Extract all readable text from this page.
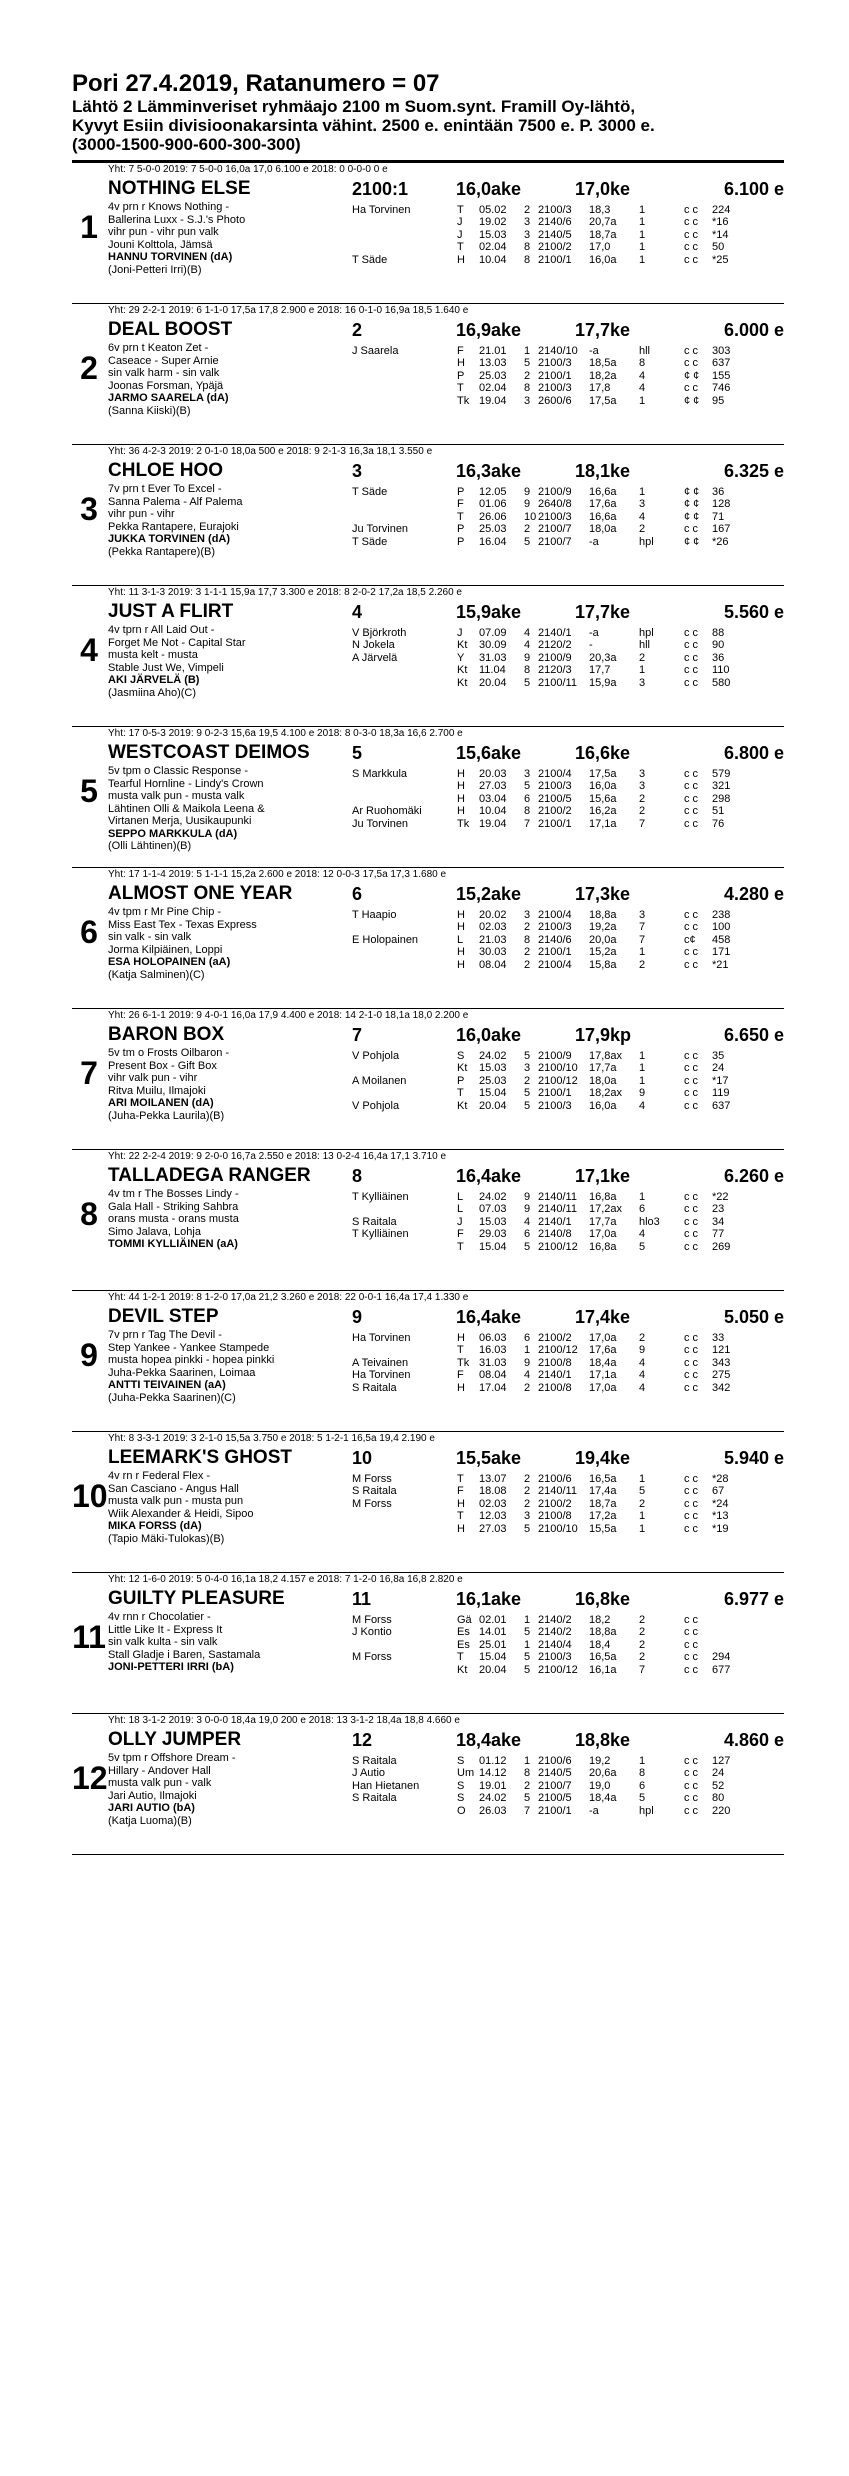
Pori 27.4.2019, Ratanumero = 07
Lähtö 2 Lämminveriset ryhmäajo 2100 m Suom.synt. Framill Oy-lähtö,
Kyvyt Esiin divisioonakarsinta vähint. 2500 e. enintään 7500 e. P. 3000 e.
(3000-1500-900-600-300-300)
Yht: 7 5-0-0 2019: 7 5-0-0 16,0a 17,0 6.100 e 2018: 0 0-0-0 0 e
1
NOTHING ELSE	2100:1	16,0ake	17,0ke	6.100 e
4v prn r Knows Nothing -
Ballerina Luxx - S.J.'s Photo
vihr pun - vihr pun valk
Jouni Kolttola, Jämsä
HANNU TORVINEN (dA)
(Joni-Petteri Irri)(B)
Ha Torvinen	T 05.02 2 2100/3 18,3	1	c c 224
J 19.02 3 2140/6 20,7a 1	c c *16
J 15.03 3 2140/5 18,7a 1	c c *14
T 02.04 8 2100/2 17,0	1	c c 50
T Säde	H 10.04 8 2100/1 16,0a 1	c c *25
Yht: 29 2-2-1 2019: 6 1-1-0 17,5a 17,8 2.900 e 2018: 16 0-1-0 16,9a 18,5 1.640 e
2
DEAL BOOST	2	16,9ake	17,7ke	6.000 e
6v prn t Keaton Zet -
Caseace - Super Arnie
sin valk harm - sin valk
Joonas Forsman, Ypäjä
JARMO SAARELA (dA)
(Sanna Kiiski)(B)
J Saarela	F 21.01 1 2140/10 -a	hll	c c 303
H 13.03 5 2100/3 18,5a 8	c c 637
P 25.03 2 2100/1 18,2a 4	¢ ¢ 155
T 02.04 8 2100/3 17,8	4	c c 746
Tk 19.04 3 2600/6 17,5a 1	¢ ¢ 95
Yht: 36 4-2-3 2019: 2 0-1-0 18,0a 500 e 2018: 9 2-1-3 16,3a 18,1 3.550 e
3
CHLOE HOO	3	16,3ake	18,1ke	6.325 e
7v prn t Ever To Excel -
Sanna Palema - Alf Palema
vihr pun - vihr
Pekka Rantapere, Eurajoki
JUKKA TORVINEN (dA)
(Pekka Rantapere)(B)
T Säde	P 12.05 9 2100/9 16,6a 1	¢ ¢ 36
F 01.06 9 2640/8 17,6a 3	¢ ¢ 128
T 26.06 10 2100/3 16,6a 4	¢ ¢ 71
Ju Torvinen	P 25.03 2 2100/7 18,0a 2	c c 167
T Säde	P 16.04 5 2100/7 -a	hpl	¢ ¢ *26
Yht: 11 3-1-3 2019: 3 1-1-1 15,9a 17,7 3.300 e 2018: 8 2-0-2 17,2a 18,5 2.260 e
4
JUST A FLIRT	4	15,9ake	17,7ke	5.560 e
4v tprn r All Laid Out -
Forget Me Not - Capital Star
musta kelt - musta
Stable Just We, Vimpeli
AKI JÄRVELÄ (B)
(Jasmiina Aho)(C)
V Björkroth	J 07.09 4 2140/1 -a	hpl	c c 88
N Jokela	Kt 30.09 4 2120/2 -	hll	c c 90
A Järvelä	Y 31.03 9 2100/9 20,3a 2	c c 36
Kt 11.04 8 2120/3 17,7	1	c c 110
Kt 20.04 5 2100/11 15,9a 3	c c 580
Yht: 17 0-5-3 2019: 9 0-2-3 15,6a 19,5 4.100 e 2018: 8 0-3-0 18,3a 16,6 2.700 e
5
WESTCOAST DEIMOS 5	15,6ake	16,6ke	6.800 e
5v tpm o Classic Response -
Tearful Hornline - Lindy's Crown
musta valk pun - musta valk
Lähtinen Olli & Maikola Leena &
Virtanen Merja, Uusikaupunki
SEPPO MARKKULA (dA)
(Olli Lähtinen)(B)
S Markkula	H 20.03 3 2100/4 17,5a 3	c c 579
H 27.03 5 2100/3 16,0a 3	c c 321
H 03.04 6 2100/5 15,6a 2	c c 298
Ar Ruohomäki	H 10.04 8 2100/2 16,2a 2	c c 51
Ju Torvinen	Tk 19.04 7 2100/1 17,1a 7	c c 76
Yht: 17 1-1-4 2019: 5 1-1-1 15,2a 2.600 e 2018: 12 0-0-3 17,5a 17,3 1.680 e
6
ALMOST ONE YEAR	6	15,2ake	17,3ke	4.280 e
4v tpm r Mr Pine Chip -
Miss East Tex - Texas Express
sin valk - sin valk
Jorma Kilpiäinen, Loppi
ESA HOLOPAINEN (aA)
(Katja Salminen)(C)
T Haapio	H 20.02 3 2100/4 18,8a 3	c c 238
H 02.03 2 2100/3 19,2a 7	c c 100
E Holopainen	L 21.03 8 2140/6 20,0a 7	c¢ 458
H 30.03 2 2100/1 15,2a 1	c c 171
H 08.04 2 2100/4 15,8a 2	c c *21
Yht: 26 6-1-1 2019: 9 4-0-1 16,0a 17,9 4.400 e 2018: 14 2-1-0 18,1a 18,0 2.200 e
7
BARON BOX	7	16,0ake	17,9kp	6.650 e
5v tm o Frosts Oilbaron -
Present Box - Gift Box
vihr valk pun - vihr
Ritva Muilu, Ilmajoki
ARI MOILANEN (dA)
(Juha-Pekka Laurila)(B)
V Pohjola	S 24.02 5 2100/9 17,8ax 1	c c 35
Kt 15.03 3 2100/10 17,7a 1	c c 24
A Moilanen	P 25.03 2 2100/12 18,0a 1	c c *17
T 15.04 5 2100/1 18,2ax 9	c c 119
V Pohjola	Kt 20.04 5 2100/3 16,0a 4	c c 637
Yht: 22 2-2-4 2019: 9 2-0-0 16,7a 2.550 e 2018: 13 0-2-4 16,4a 17,1 3.710 e
8
TALLADEGA RANGER 8	16,4ake	17,1ke	6.260 e
4v tm r The Bosses Lindy -
Gala Hall - Striking Sahbra
orans musta - orans musta
Simo Jalava, Lohja
TOMMI KYLLIÄINEN (aA)
T Kylliäinen	L 24.02 9 2140/11 16,8a 1	c c *22
L 07.03 9 2140/11 17,2ax 6	c c 23
S Raitala	J 15.03 4 2140/1 17,7a hlo3 c c 34
T Kylliäinen	F 29.03 6 2140/8 17,0a 4	c c 77
T 15.04 5 2100/12 16,8a 5	c c 269
Yht: 44 1-2-1 2019: 8 1-2-0 17,0a 21,2 3.260 e 2018: 22 0-0-1 16,4a 17,4 1.330 e
9
DEVIL STEP	9	16,4ake	17,4ke	5.050 e
7v prn r Tag The Devil -
Step Yankee - Yankee Stampede
musta hopea pinkki - hopea pinkki
Juha-Pekka Saarinen, Loimaa
ANTTI TEIVAINEN (aA)
(Juha-Pekka Saarinen)(C)
Ha Torvinen	H 06.03 6 2100/2 17,0a 2	c c 33
T 16.03 1 2100/12 17,6a 9	c c 121
A Teivainen	Tk 31.03 9 2100/8 18,4a 4	c c 343
Ha Torvinen	F 08.04 4 2140/1 17,1a 4	c c 275
S Raitala	H 17.04 2 2100/8 17,0a 4	c c 342
Yht: 8 3-3-1 2019: 3 2-1-0 15,5a 3.750 e 2018: 5 1-2-1 16,5a 19,4 2.190 e
10
LEEMARK'S GHOST	10	15,5ake	19,4ke	5.940 e
4v rn r Federal Flex -
San Casciano - Angus Hall
musta valk pun - musta pun
Wiik Alexander & Heidi, Sipoo
MIKA FORSS (dA)
(Tapio Mäki-Tulokas)(B)
M Forss	T 13.07 2 2100/6 16,5a 1	c c *28
S Raitala	F 18.08 2 2140/11 17,4a 5	c c 67
M Forss	H 02.03 2 2100/2 18,7a 2	c c *24
T 12.03 3 2100/8 17,2a 1	c c *13
H 27.03 5 2100/10 15,5a 1	c c *19
Yht: 12 1-6-0 2019: 5 0-4-0 16,1a 18,2 4.157 e 2018: 7 1-2-0 16,8a 16,8 2.820 e
11
GUILTY PLEASURE	11	16,1ake	16,8ke	6.977 e
4v rnn r Chocolatier -
Little Like It - Express It
sin valk kulta - sin valk
Stall Gladje i Baren, Sastamala
JONI-PETTERI IRRI (bA)
M Forss	Gä 02.01 1 2140/2 18,2	2	c c
J Kontio	Es 14.01 5 2140/2 18,8a 2	c c
Es 25.01 1 2140/4 18,4	2	c c
M Forss	T 15.04 5 2100/3 16,5a 2	c c 294
Kt 20.04 5 2100/12 16,1a 7	c c 677
Yht: 18 3-1-2 2019: 3 0-0-0 18,4a 19,0 200 e 2018: 13 3-1-2 18,4a 18,8 4.660 e
12
OLLY JUMPER	12	18,4ake	18,8ke	4.860 e
5v tpm r Offshore Dream -
Hillary - Andover Hall
musta valk pun - valk
Jari Autio, Ilmajoki
JARI AUTIO (bA)
(Katja Luoma)(B)
S Raitala	S 01.12 1 2100/6 19,2	1	c c 127
J Autio	Um 14.12 8 2140/5 20,6a 8	c c 24
Han Hietanen	S 19.01 2 2100/7 19,0	6	c c 52
S Raitala	S 24.02 5 2100/5 18,4a 5	c c 80
O 26.03 7 2100/1 -a	hpl	c c 220
